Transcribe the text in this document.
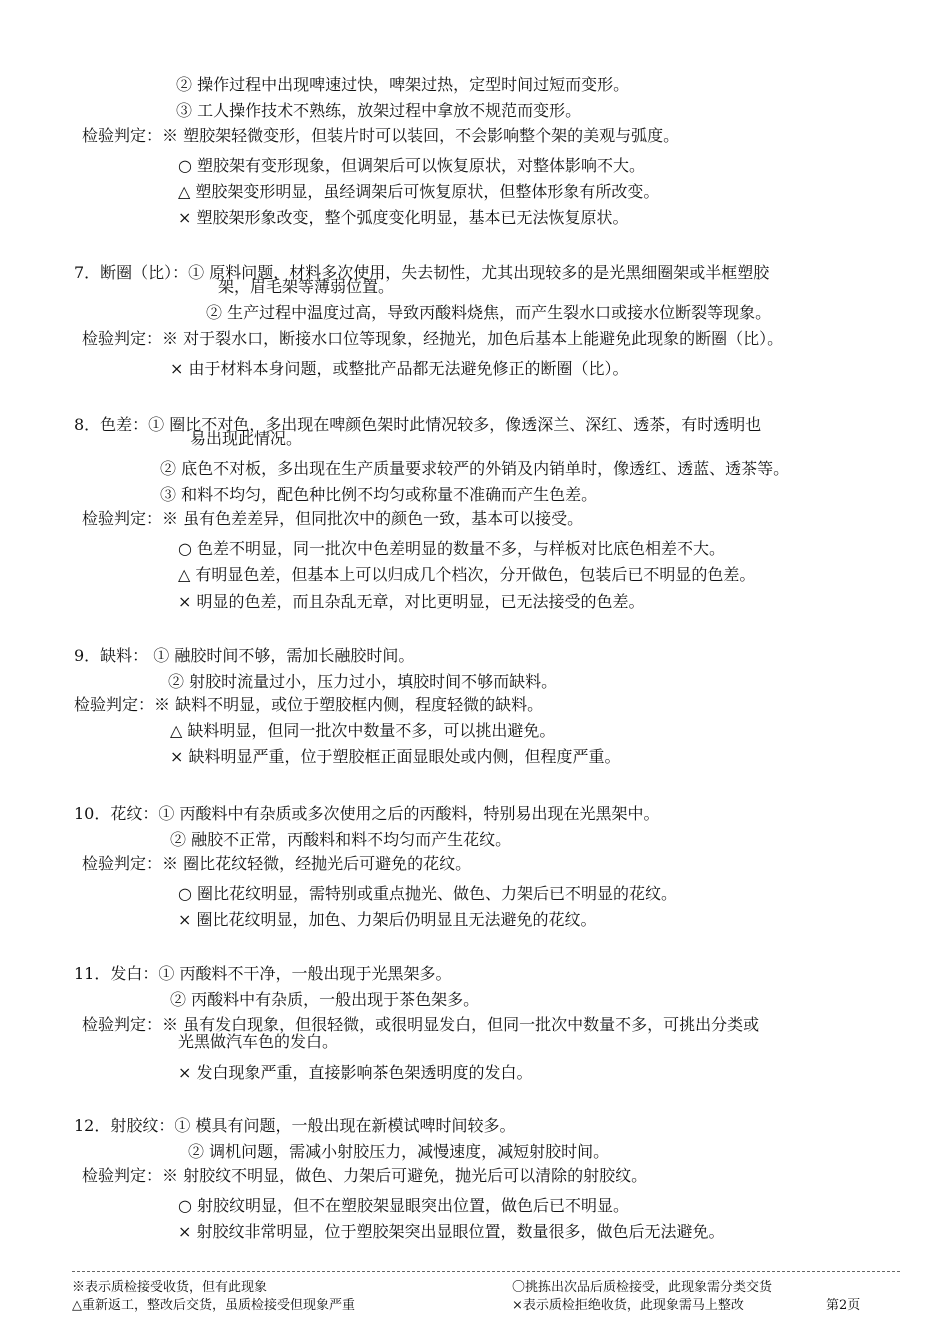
② 操作过程中出现啤速过快，啤架过热，定型时间过短而变形。
③ 工人操作技术不熟练，放架过程中拿放不规范而变形。
检验判定：※ 塑胶架轻微变形，但装片时可以装回，不会影响整个架的美观与弧度。
○ 塑胶架有变形现象，但调架后可以恢复原状，对整体影响不大。
△ 塑胶架变形明显，虽经调架后可恢复原状，但整体形象有所改变。
× 塑胶架形象改变，整个弧度变化明显，基本已无法恢复原状。
7．断圈（比）：① 原料问题，材料多次使用，失去韧性，尤其出现较多的是光黑细圈架或半框塑胶
架，眉毛架等薄弱位置。
② 生产过程中温度过高，导致丙酸料烧焦，而产生裂水口或接水位断裂等现象。
检验判定：※ 对于裂水口，断接水口位等现象，经抛光，加色后基本上能避免此现象的断圈（比）。
× 由于材料本身问题，或整批产品都无法避免修正的断圈（比）。
8．色差：① 圈比不对色，多出现在啤颜色架时此情况较多，像透深兰、深红、透茶，有时透明也
易出现此情况。
② 底色不对板，多出现在生产质量要求较严的外销及内销单时，像透红、透蓝、透茶等。
③ 和料不均匀，配色种比例不均匀或称量不准确而产生色差。
检验判定：※ 虽有色差差异，但同批次中的颜色一致，基本可以接受。
○ 色差不明显，同一批次中色差明显的数量不多，与样板对比底色相差不大。
△ 有明显色差，但基本上可以归成几个档次，分开做色，包装后已不明显的色差。
× 明显的色差，而且杂乱无章，对比更明显，已无法接受的色差。
9．缺料： ① 融胶时间不够，需加长融胶时间。
② 射胶时流量过小，压力过小，填胶时间不够而缺料。
检验判定：※ 缺料不明显，或位于塑胶框内侧，程度轻微的缺料。
△ 缺料明显，但同一批次中数量不多，可以挑出避免。
× 缺料明显严重，位于塑胶框正面显眼处或内侧，但程度严重。
10．花纹：① 丙酸料中有杂质或多次使用之后的丙酸料，特别易出现在光黑架中。
② 融胶不正常，丙酸料和料不均匀而产生花纹。
检验判定：※ 圈比花纹轻微，经抛光后可避免的花纹。
○ 圈比花纹明显，需特别或重点抛光、做色、力架后已不明显的花纹。
× 圈比花纹明显，加色、力架后仍明显且无法避免的花纹。
11．发白：① 丙酸料不干净，一般出现于光黑架多。
② 丙酸料中有杂质，一般出现于茶色架多。
检验判定：※ 虽有发白现象，但很轻微，或很明显发白，但同一批次中数量不多，可挑出分类或
光黑做汽车色的发白。
× 发白现象严重，直接影响茶色架透明度的发白。
12．射胶纹：① 模具有问题，一般出现在新模试啤时间较多。
② 调机问题，需减小射胶压力，减慢速度，减短射胶时间。
检验判定：※ 射胶纹不明显，做色、力架后可避免，抛光后可以清除的射胶纹。
○ 射胶纹明显，但不在塑胶架显眼突出位置，做色后已不明显。
× 射胶纹非常明显，位于塑胶架突出显眼位置，数量很多，做色后无法避免。
※表示质检接受收货，但有此现象
△重新返工，整改后交货，虽质检接受但现象严重
〇挑拣出次品后质检接受，此现象需分类交货
×表示质检拒绝收货，此现象需马上整改	第2页
